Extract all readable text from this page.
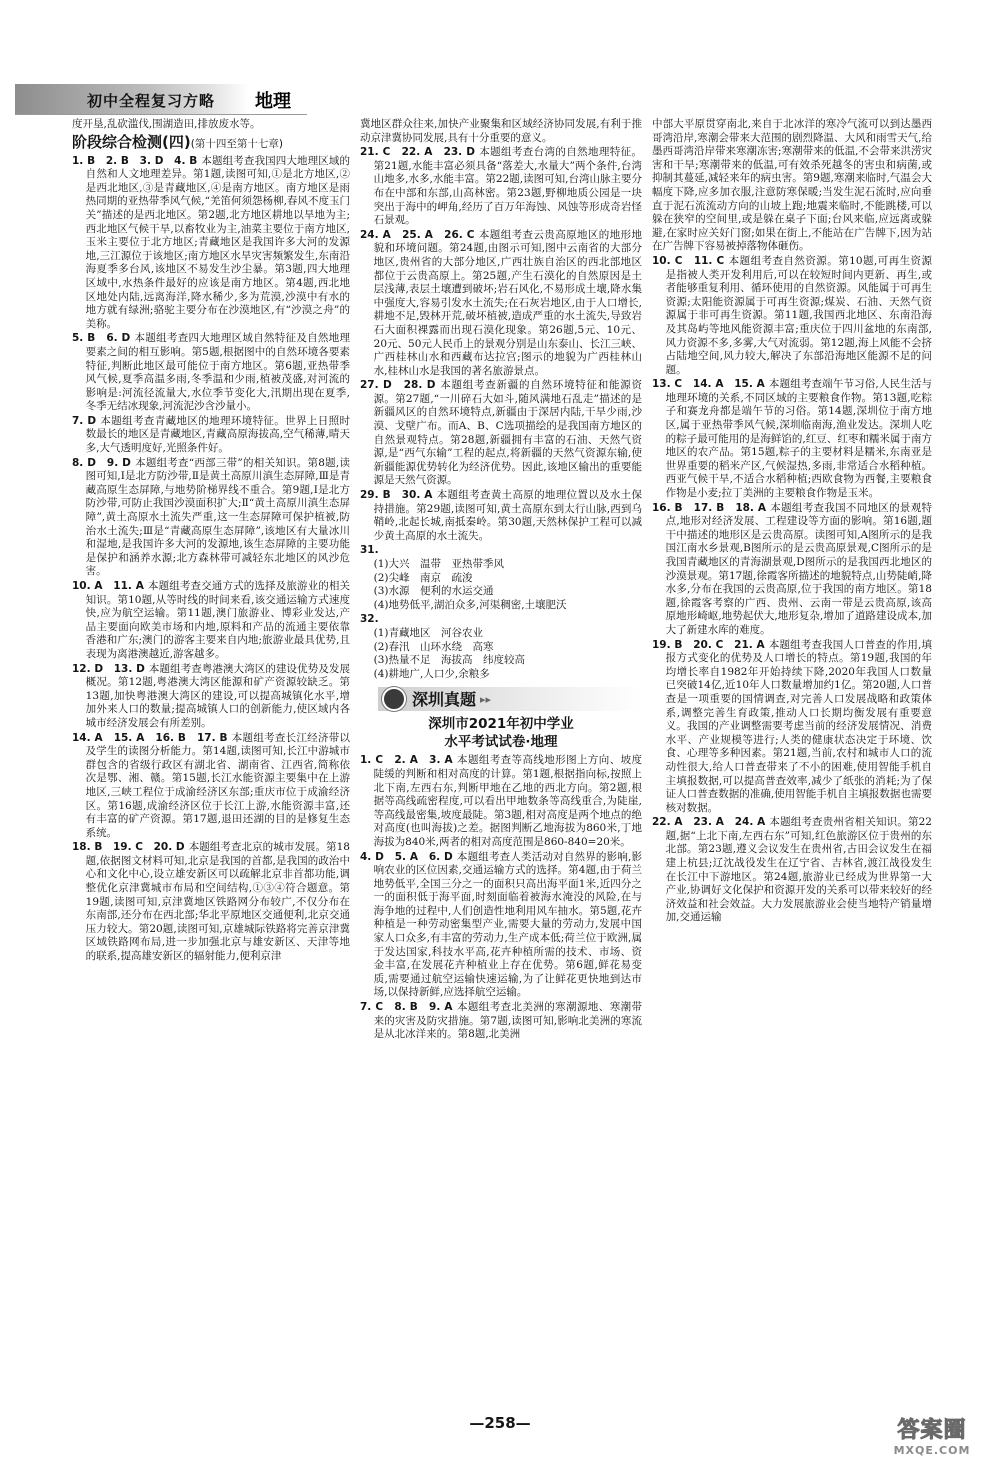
初中全程复习方略 地理
度开垦,乱砍滥伐,围湖造田,排放废水等。
阶段综合检测(四)(第十四至第十七章)
1. B　2. B　3. D　4. B 本题组考查我国四大地理区域的自然和人文地理差异。第1题,读图可知,①是北方地区,②是西北地区,③是青藏地区,④是南方地区。南方地区是雨热同期的亚热带季风气候,“羌笛何须怨杨柳,春风不度玉门关”描述的是西北地区。第2题,北方地区耕地以旱地为主;西北地区气候干旱,以畜牧业为主,油菜主要位于南方地区,玉米主要位于北方地区;青藏地区是我国许多大河的发源地,三江源位于该地区;南方地区水旱灾害频繁发生,东南沿海夏季多台风,该地区不易发生沙尘暴。第3题,四大地理区域中,水热条件最好的应该是南方地区。第4题,西北地区地处内陆,远离海洋,降水稀少,多为荒漠,沙漠中有水的地方就有绿洲;骆驼主要分布在沙漠地区,有“沙漠之舟”的美称。
5. B　6. D 本题组考查四大地理区域自然特征及自然地理要素之间的相互影响。第5题,根据图中的自然环境各要素特征,判断此地区最可能位于南方地区。第6题,亚热带季风气候,夏季高温多雨,冬季温和少雨,植被茂盛,对河流的影响是:河流径流量大,水位季节变化大,汛期出现在夏季,冬季无结冰现象,河流泥沙含沙量小。
7. D 本题组考查青藏地区的地理环境特征。世界上日照时数最长的地区是青藏地区,青藏高原海拔高,空气稀薄,晴天多,大气透明度好,光照条件好。
8. D　9. D 本题组考查“西部三带”的相关知识。第8题,读图可知,Ⅰ是北方防沙带,Ⅱ是黄土高原川滇生态屏障,Ⅲ是青藏高原生态屏障,与地势阶梯界线不重合。第9题,Ⅰ是北方防沙带,可防止我国沙漠面积扩大;Ⅱ“黄土高原川滇生态屏障”,黄土高原水土流失严重,这一生态屏障可保护植被,防治水土流失;Ⅲ是“青藏高原生态屏障”,该地区有大量冰川和湿地,是我国许多大河的发源地,该生态屏障的主要功能是保护和涵养水源;北方森林带可减轻东北地区的风沙危害。
10. A　11. A 本题组考查交通方式的选择及旅游业的相关知识。第10题,从等时线的时间来看,该交通运输方式速度快,应为航空运输。第11题,澳门旅游业、博彩业发达,产品主要面向欧美市场和内地,原料和产品的流通主要依靠香港和广东;澳门的游客主要来自内地;旅游业最具优势,且表现为离港澳越近,游客越多。
12. D　13. D 本题组考查粤港澳大湾区的建设优势及发展概况。第12题,粤港澳大湾区能源和矿产资源较缺乏。第13题,加快粤港澳大湾区的建设,可以提高城镇化水平,增加外来人口的数量;提高城镇人口的创新能力,使区域内各城市经济发展会有所差别。
14. A　15. A　16. B　17. B 本题组考查长江经济带以及学生的读图分析能力。第14题,读图可知,长江中游城市群包含的省级行政区有湖北省、湖南省、江西省,简称依次是鄂、湘、赣。第15题,长江水能资源主要集中在上游地区,三峡工程位于成渝经济区东部;重庆市位于成渝经济区。第16题,成渝经济区位于长江上游,水能资源丰富,还有丰富的矿产资源。第17题,退田还湖的目的是修复生态系统。
18. B　19. C　20. D 本题组考查北京的城市发展。第18题,依据图文材料可知,北京是我国的首都,是我国的政治中心和文化中心,设立雄安新区可以疏解北京非首都功能,调整优化京津冀城市布局和空间结构,①③④符合题意。第19题,读图可知,京津冀地区铁路网分布较广,不仅分布在东南部,还分布在西北部;华北平原地区交通便利,北京交通压力较大。第20题,读图可知,京雄城际铁路将完善京津冀区域铁路网布局,进一步加强北京与雄安新区、天津等地的联系,提高雄安新区的辐射能力,便利京津
冀地区群众往来,加快产业聚集和区域经济协同发展,有利于推动京津冀协同发展,具有十分重要的意义。
21. C　22. A　23. D 本题组考查台湾的自然地理特征。第21题,水能丰富必须具备“落差大,水量大”两个条件,台湾山地多,水多,水能丰富。第22题,读图可知,台湾山脉主要分布在中部和东部,山高林密。第23题,野柳地质公园是一块突出于海中的岬角,经历了百万年海蚀、风蚀等形成奇岩怪石景观。
24. A　25. A　26. C 本题组考查云贵高原地区的地形地貌和环境问题。第24题,由图示可知,图中云南省的大部分地区,贵州省的大部分地区,广西壮族自治区的西北部地区都位于云贵高原上。第25题,产生石漠化的自然原因是土层浅薄,表层土壤遭到破坏;岩石风化,不易形成土壤,降水集中强度大,容易引发水土流失;在石灰岩地区,由于人口增长,耕地不足,毁林开荒,破坏植被,造成严重的水土流失,导致岩石大面积裸露而出现石漠化现象。第26题,5元、10元、20元、50元人民币上的景观分别是山东泰山、长江三峡、广西桂林山水和西藏布达拉宫;图示的地貌为广西桂林山水,桂林山水是我国的著名旅游景点。
27. D　28. D 本题组考查新疆的自然环境特征和能源资源。第27题,“一川碎石大如斗,随风满地石乱走”描述的是新疆风区的自然环境特点,新疆由于深居内陆,干旱少雨,沙漠、戈壁广布。而A、B、C选项描绘的是我国南方地区的自然景观特点。第28题,新疆拥有丰富的石油、天然气资源,是“西气东输”工程的起点,将新疆的天然气资源东输,使新疆能源优势转化为经济优势。因此,该地区输出的重要能源是天然气资源。
29. B　30. A 本题组考查黄土高原的地理位置以及水土保持措施。第29题,读图可知,黄土高原东到太行山脉,西到乌鞘岭,北起长城,南抵秦岭。第30题,天然林保护工程可以减少黄土高原的水土流失。
31.
(1)大兴　温带　亚热带季风
(2)尖峰　南京　疏浚
(3)水源　便利的水运交通
(4)地势低平,湖泊众多,河渠稠密,土壤肥沃
32.
(1)青藏地区　河谷农业
(2)春汛　山环水绕　高寒
(3)热量不足　海拔高　纬度较高
(4)耕地广,人口少,余粮多
深圳真题
▸▸
深圳市2021年初中学业
水平考试试卷·地理
1. C　2. A　3. A 本题组考查等高线地形图上方向、坡度陡缓的判断和相对高度的计算。第1题,根据指向标,按照上北下南,左西右东,判断甲地在乙地的西北方向。第2题,根据等高线疏密程度,可以看出甲地数条等高线重合,为陡崖,等高线最密集,坡度最陡。第3题,相对高度是两个地点的绝对高度(也叫海拔)之差。据图判断乙地海拔为860米,丁地海拔为840米,两者的相对高度范围是860-840=20米。
4. D　5. A　6. D 本题组考查人类活动对自然界的影响,影响农业的区位因素,交通运输方式的选择。第4题,由于荷兰地势低平,全国三分之一的面积只高出海平面1米,近四分之一的面积低于海平面,时刻面临着被海水淹没的风险,在与海争地的过程中,人们创造性地利用风车抽水。第5题,花卉种植是一种劳动密集型产业,需要大量的劳动力,发展中国家人口众多,有丰富的劳动力,生产成本低;荷兰位于欧洲,属于发达国家,科技水平高,花卉种植所需的技术、市场、资金丰富,在发展花卉种植业上存在优势。第6题,鲜花易变质,需要通过航空运输快速运输,为了让鲜花更快地到达市场,以保持新鲜,应选择航空运输。
7. C　8. B　9. A 本题组考查北美洲的寒潮源地、寒潮带来的灾害及防灾措施。第7题,读图可知,影响北美洲的寒流是从北冰洋来的。第8题,北美洲
中部大平原贯穿南北,来自于北冰洋的寒冷气流可以到达墨西哥湾沿岸,寒潮会带来大范围的剧烈降温、大风和雨雪天气,给墨西哥湾沿岸带来寒潮冻害;寒潮带来的低温,不会带来洪涝灾害和干旱;寒潮带来的低温,可有效杀死越冬的害虫和病菌,或抑制其蔓延,减轻来年的病虫害。第9题,寒潮来临时,气温会大幅度下降,应多加衣服,注意防寒保暖;当发生泥石流时,应向垂直于泥石流流动方向的山坡上跑;地震来临时,不能跳楼,可以躲在狭窄的空间里,或是躲在桌子下面;台风来临,应远离或躲避,在家时应关好门窗;如果在街上,不能站在广告牌下,因为站在广告牌下容易被掉落物体砸伤。
10. C　11. C 本题组考查自然资源。第10题,可再生资源是指被人类开发利用后,可以在较短时间内更新、再生,或者能够重复利用、循环使用的自然资源。风能属于可再生资源;太阳能资源属于可再生资源;煤炭、石油、天然气资源属于非可再生资源。第11题,我国西北地区、东南沿海及其岛屿等地风能资源丰富;重庆位于四川盆地的东南部,风力资源不多,多雾,大气对流弱。第12题,海上风能不会挤占陆地空间,风力较大,解决了东部沿海地区能源不足的问题。
13. C　14. A　15. A 本题组考查端午节习俗,人民生活与地理环境的关系,不同区域的主要粮食作物。第13题,吃粽子和赛龙舟都是端午节的习俗。第14题,深圳位于南方地区,属于亚热带季风气候,深圳临南海,渔业发达。深圳人吃的粽子最可能用的是海鲜馅的,红豆、红枣和糯米属于南方地区的农产品。第15题,粽子的主要材料是糯米,东南亚是世界重要的稻米产区,气候湿热,多雨,非常适合水稻种植。西亚气候干旱,不适合水稻种植;西欧食物为西餐,主要粮食作物是小麦;拉丁美洲的主要粮食作物是玉米。
16. B　17. B　18. A 本题组考查我国不同地区的景观特点,地形对经济发展、工程建设等方面的影响。第16题,题干中描述的地形区是云贵高原。读图可知,A图所示的是我国江南水乡景观,B图所示的是云贵高原景观,C图所示的是我国青藏地区的青海湖景观,D图所示的是我国西北地区的沙漠景观。第17题,徐霞客所描述的地貌特点,山势陡峭,降水多,分布在我国的云贵高原,位于我国的南方地区。第18题,徐霞客考察的广西、贵州、云南一带是云贵高原,该高原地形崎岖,地势起伏大,地形复杂,增加了道路建设成本,加大了新建水库的难度。
19. B　20. C　21. A 本题组考查我国人口普查的作用,填报方式变化的优势及人口增长的特点。第19题,我国的年均增长率自1982年开始持续下降,2020年我国人口数量已突破14亿,近10年人口数量增加约1亿。第20题,人口普查是一项重要的国情调查,对完善人口发展战略和政策体系,调整完善生育政策,推动人口长期均衡发展有重要意义。我国的产业调整需要考虑当前的经济发展情况、消费水平、产业规模等进行;人类的健康状态决定于环境、饮食、心理等多种因素。第21题,当前,农村和城市人口的流动性很大,给人口普查带来了不小的困难,使用智能手机自主填报数据,可以提高普查效率,减少了纸张的消耗;为了保证人口普查数据的准确,使用智能手机自主填报数据也需要核对数据。
22. A　23. A　24. A 本题组考查贵州省相关知识。第22题,据“上北下南,左西右东”可知,红色旅游区位于贵州的东北部。第23题,遵义会议发生在贵州省,古田会议发生在福建上杭县;辽沈战役发生在辽宁省、吉林省,渡江战役发生在长江中下游地区。第24题,旅游业已经成为世界第一大产业,协调好文化保护和资源开发的关系可以带来较好的经济效益和社会效益。大力发展旅游业会使当地特产销量增加,交通运输
—258—	答案圈
MXQE.COM
